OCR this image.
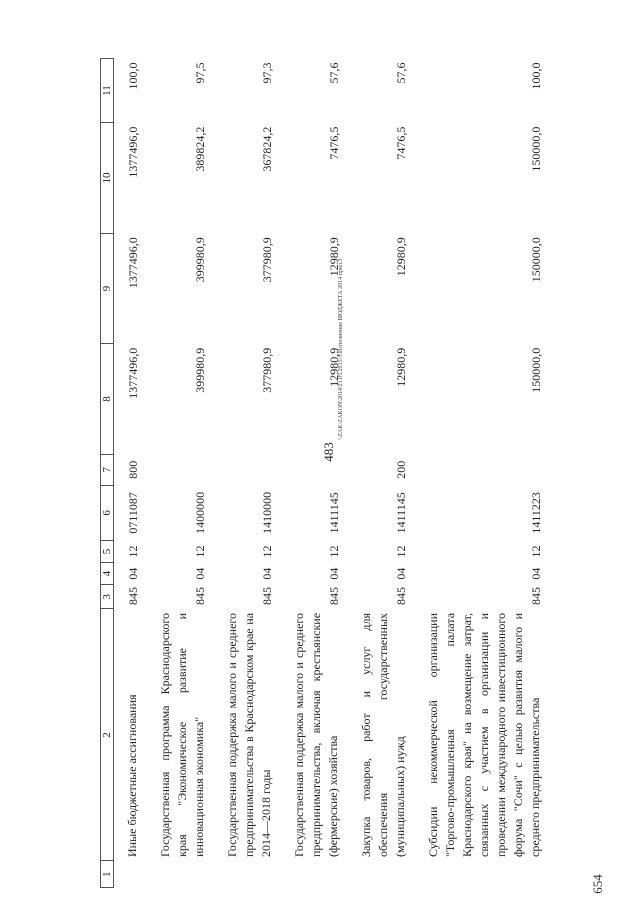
483
654
\\ZAK\ZAKON\2014\21.05.2015\5\Исполнение БЮДЖЕТА 2014 прил.3
1	2	3	4	5	6	7	8	9	10	11
	Иные бюджетные ассигнования	845	04	12	0711087	800	1377496,0	1377496,0	1377496,0	100,0
	Государственная программа Краснодарского края "Экономическое развитие и инновационная экономика"	845	04	12	1400000		399980,9	399980,9	389824,2	97,5
	Государственная поддержка малого и среднего предпринимательства в Краснодарском крае на 2014—2018 годы	845	04	12	1410000		377980,9	377980,9	367824,2	97,3
	Государственная поддержка малого и среднего предпринимательства, включая крестьянские (фермерские) хозяйства	845	04	12	1411145		12980,9	12980,9	7476,5	57,6
	Закупка товаров, работ и услуг для обеспечения государственных (муниципальных) нужд	845	04	12	1411145	200	12980,9	12980,9	7476,5	57,6
	Субсидии некоммерческой организации "Торгово-промышленная палата Краснодарского края" на возмещение затрат, связанных с участием в организации и проведении международного инвестиционного форума "Сочи" с целью развития малого и среднего предпринимательства	845	04	12	1411223		150000,0	150000,0	150000,0	100,0
